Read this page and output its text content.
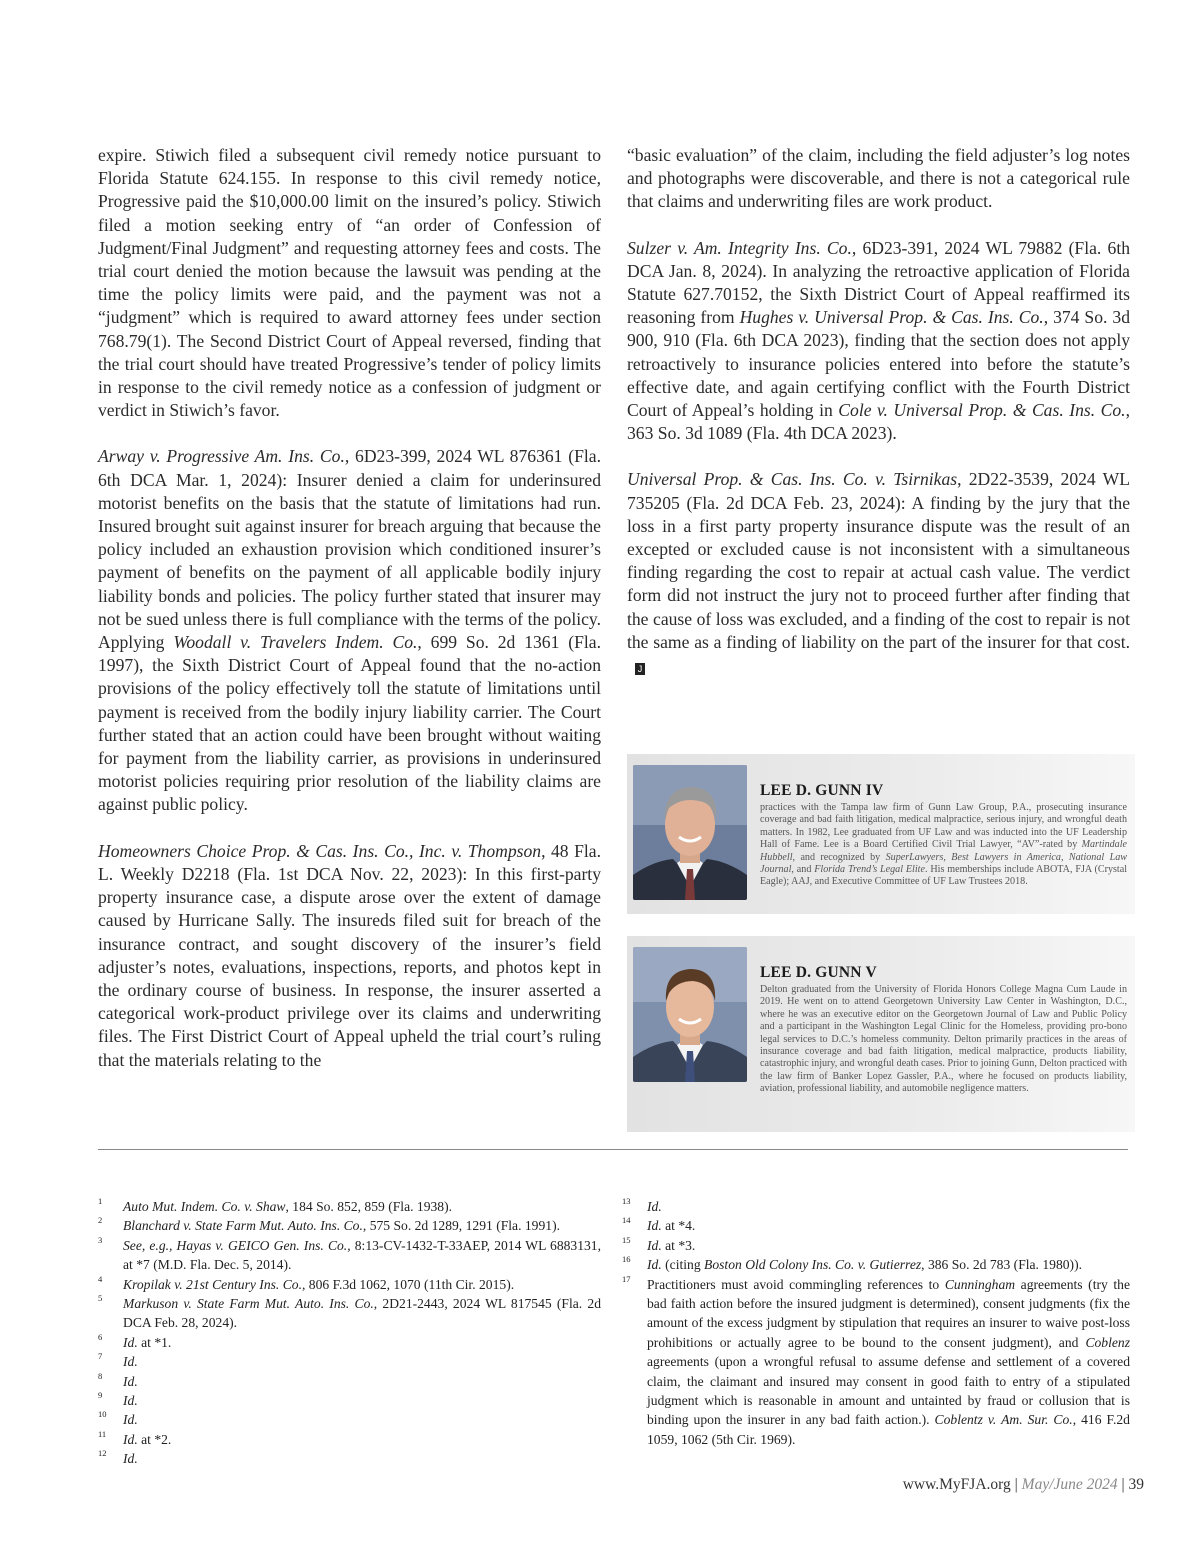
expire. Stiwich filed a subsequent civil remedy notice pursuant to Florida Statute 624.155. In response to this civil remedy notice, Progressive paid the $10,000.00 limit on the insured’s policy. Stiwich filed a motion seeking entry of “an order of Confession of Judgment/Final Judgment” and requesting attorney fees and costs. The trial court denied the motion because the lawsuit was pending at the time the policy limits were paid, and the payment was not a “judgment” which is required to award attorney fees under section 768.79(1). The Second District Court of Appeal reversed, finding that the trial court should have treated Progressive’s tender of policy limits in response to the civil remedy notice as a confession of judgment or verdict in Stiwich’s favor.

Arway v. Progressive Am. Ins. Co., 6D23-399, 2024 WL 876361 (Fla. 6th DCA Mar. 1, 2024): Insurer denied a claim for underinsured motorist benefits on the basis that the statute of limitations had run. Insured brought suit against insurer for breach arguing that because the policy included an exhaustion provision which conditioned insurer’s payment of benefits on the payment of all applicable bodily injury liability bonds and policies. The policy further stated that insurer may not be sued unless there is full compliance with the terms of the policy. Applying Woodall v. Travelers Indem. Co., 699 So. 2d 1361 (Fla. 1997), the Sixth District Court of Appeal found that the no-action provisions of the policy effectively toll the statute of limitations until payment is received from the bodily injury liability carrier. The Court further stated that an action could have been brought without waiting for payment from the liability carrier, as provisions in underinsured motorist policies requiring prior resolution of the liability claims are against public policy.

Homeowners Choice Prop. & Cas. Ins. Co., Inc. v. Thompson, 48 Fla. L. Weekly D2218 (Fla. 1st DCA Nov. 22, 2023): In this first-party property insurance case, a dispute arose over the extent of damage caused by Hurricane Sally. The insureds filed suit for breach of the insurance contract, and sought discovery of the insurer’s field adjuster’s notes, evaluations, inspections, reports, and photos kept in the ordinary course of business. In response, the insurer asserted a categorical work-product privilege over its claims and underwriting files. The First District Court of Appeal upheld the trial court’s ruling that the materials relating to the

“basic evaluation” of the claim, including the field adjuster’s log notes and photographs were discoverable, and there is not a categorical rule that claims and underwriting files are work product.

Sulzer v. Am. Integrity Ins. Co., 6D23-391, 2024 WL 79882 (Fla. 6th DCA Jan. 8, 2024). In analyzing the retroactive application of Florida Statute 627.70152, the Sixth District Court of Appeal reaffirmed its reasoning from Hughes v. Universal Prop. & Cas. Ins. Co., 374 So. 3d 900, 910 (Fla. 6th DCA 2023), finding that the section does not apply retroactively to insurance policies entered into before the statute’s effective date, and again certifying conflict with the Fourth District Court of Appeal’s holding in Cole v. Universal Prop. & Cas. Ins. Co., 363 So. 3d 1089 (Fla. 4th DCA 2023).

Universal Prop. & Cas. Ins. Co. v. Tsirnikas, 2D22-3539, 2024 WL 735205 (Fla. 2d DCA Feb. 23, 2024): A finding by the jury that the loss in a first party property insurance dispute was the result of an excepted or excluded cause is not inconsistent with a simultaneous finding regarding the cost to repair at actual cash value. The verdict form did not instruct the jury not to proceed further after finding that the cause of loss was excluded, and a finding of the cost to repair is not the same as a finding of liability on the part of the insurer for that cost.J

LEE D. GUNN IV
practices with the Tampa law firm of Gunn Law Group, P.A., prosecuting insurance coverage and bad faith litigation, medical malpractice, serious injury, and wrongful death matters. In 1982, Lee graduated from UF Law and was inducted into the UF Leadership Hall of Fame. Lee is a Board Certified Civil Trial Lawyer, “AV”-rated by Martindale Hubbell, and recognized by SuperLawyers, Best Lawyers in America, National Law Journal, and Florida Trend’s Legal Elite. His memberships include ABOTA, FJA (Crystal Eagle); AAJ, and Executive Committee of UF Law Trustees 2018.
LEE D. GUNN V
Delton graduated from the University of Florida Honors College Magna Cum Laude in 2019. He went on to attend Georgetown University Law Center in Washington, D.C., where he was an executive editor on the Georgetown Journal of Law and Public Policy and a participant in the Washington Legal Clinic for the Homeless, providing pro-bono legal services to D.C.’s homeless community. Delton primarily practices in the areas of insurance coverage and bad faith litigation, medical malpractice, products liability, catastrophic injury, and wrongful death cases. Prior to joining Gunn, Delton practiced with the law firm of Banker Lopez Gassler, P.A., where he focused on products liability, aviation, professional liability, and automobile negligence matters.
1 Auto Mut. Indem. Co. v. Shaw, 184 So. 852, 859 (Fla. 1938).
2 Blanchard v. State Farm Mut. Auto. Ins. Co., 575 So. 2d 1289, 1291 (Fla. 1991).
3 See, e.g., Hayas v. GEICO Gen. Ins. Co., 8:13-CV-1432-T-33AEP, 2014 WL 6883131, at *7 (M.D. Fla. Dec. 5, 2014).
4 Kropilak v. 21st Century Ins. Co., 806 F.3d 1062, 1070 (11th Cir. 2015).
5 Markuson v. State Farm Mut. Auto. Ins. Co., 2D21-2443, 2024 WL 817545 (Fla. 2d DCA Feb. 28, 2024).
6 Id. at *1.
7 Id.
8 Id.
9 Id.
10 Id.
11 Id. at *2.
12 Id.
13 Id.
14 Id. at *4.
15 Id. at *3.
16 Id. (citing Boston Old Colony Ins. Co. v. Gutierrez, 386 So. 2d 783 (Fla. 1980)).
17 Practitioners must avoid commingling references to Cunningham agreements (try the bad faith action before the insured judgment is determined), consent judgments (fix the amount of the excess judgment by stipulation that requires an insurer to waive post-loss prohibitions or actually agree to be bound to the consent judgment), and Coblenz agreements (upon a wrongful refusal to assume defense and settlement of a covered claim, the claimant and insured may consent in good faith to entry of a stipulated judgment which is reasonable in amount and untainted by fraud or collusion that is binding upon the insurer in any bad faith action.). Coblentz v. Am. Sur. Co., 416 F.2d 1059, 1062 (5th Cir. 1969).
www.MyFJA.org | May/June 2024 | 39
